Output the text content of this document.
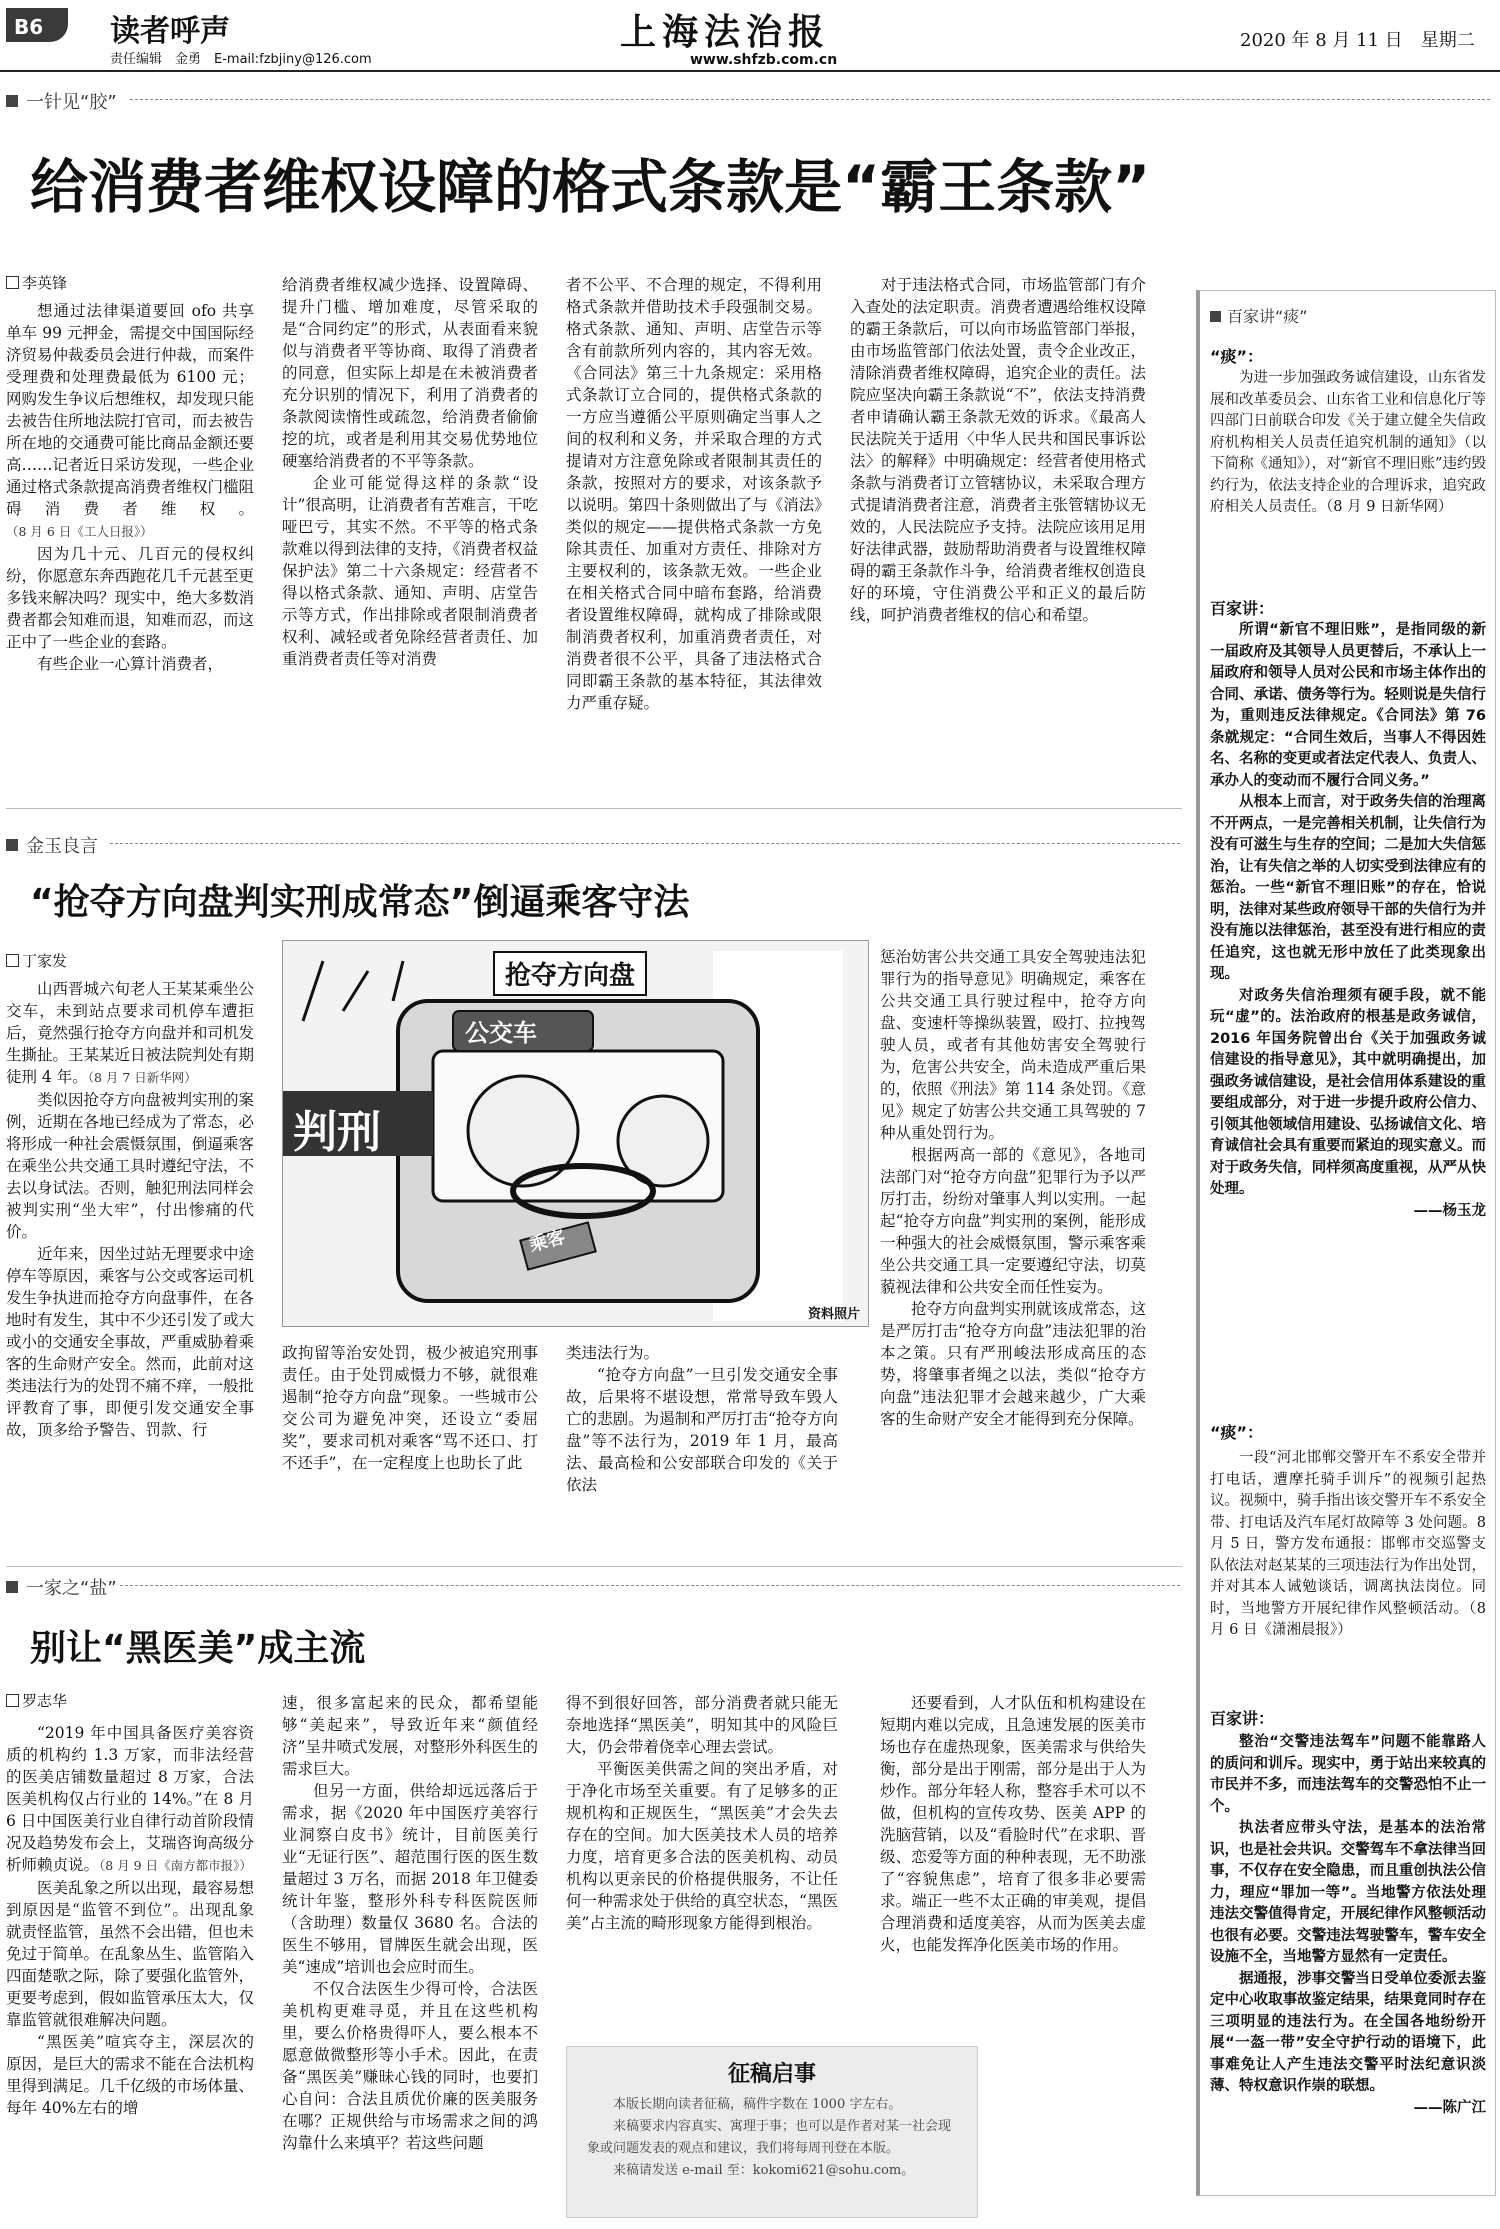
B6	读者呼声
责任编辑　金勇　E-mail:fzbjiny@126.com
上海法治报
www.shfzb.com.cn
2020 年 8 月 11 日　星期二
一针见“胶”
给消费者维权设障的格式条款是“霸王条款”
李英锋

想通过法律渠道要回 ofo 共享单车 99 元押金，需提交中国国际经济贸易仲裁委员会进行仲裁，而案件受理费和处理费最低为 6100 元；网购发生争议后想维权，却发现只能去被告住所地法院打官司，而去被告所在地的交通费可能比商品金额还要高……记者近日采访发现，一些企业通过格式条款提高消费者维权门槛阻碍消费者维权。（8 月 6 日《工人日报》）

因为几十元、几百元的侵权纠纷，你愿意东奔西跑花几千元甚至更多钱来解决吗？现实中，绝大多数消费者都会知难而退，知难而忍，而这正中了一些企业的套路。

有些企业一心算计消费者，

给消费者维权减少选择、设置障碍、提升门槛、增加难度，尽管采取的是“合同约定”的形式，从表面看来貌似与消费者平等协商、取得了消费者的同意，但实际上却是在未被消费者充分识别的情况下，利用了消费者的条款阅读惰性或疏忽，给消费者偷偷挖的坑，或者是利用其交易优势地位硬塞给消费者的不平等条款。

企业可能觉得这样的条款“设计”很高明，让消费者有苦难言，干吃哑巴亏，其实不然。不平等的格式条款难以得到法律的支持，《消费者权益保护法》第二十六条规定：经营者不得以格式条款、通知、声明、店堂告示等方式，作出排除或者限制消费者权利、减轻或者免除经营者责任、加重消费者责任等对消费

者不公平、不合理的规定，不得利用格式条款并借助技术手段强制交易。格式条款、通知、声明、店堂告示等含有前款所列内容的，其内容无效。《合同法》第三十九条规定：采用格式条款订立合同的，提供格式条款的一方应当遵循公平原则确定当事人之间的权利和义务，并采取合理的方式提请对方注意免除或者限制其责任的条款，按照对方的要求，对该条款予以说明。第四十条则做出了与《消法》类似的规定——提供格式条款一方免除其责任、加重对方责任、排除对方主要权利的，该条款无效。一些企业在相关格式合同中暗布套路，给消费者设置维权障碍，就构成了排除或限制消费者权利，加重消费者责任，对消费者很不公平，具备了违法格式合同即霸王条款的基本特征，其法律效力严重存疑。

对于违法格式合同，市场监管部门有介入查处的法定职责。消费者遭遇给维权设障的霸王条款后，可以向市场监管部门举报，由市场监管部门依法处置，责令企业改正，清除消费者维权障碍，追究企业的责任。法院应坚决向霸王条款说“不”，依法支持消费者申请确认霸王条款无效的诉求。《最高人民法院关于适用〈中华人民共和国民事诉讼法〉的解释》中明确规定：经营者使用格式条款与消费者订立管辖协议，未采取合理方式提请消费者注意，消费者主张管辖协议无效的，人民法院应予支持。法院应该用足用好法律武器，鼓励帮助消费者与设置维权障碍的霸王条款作斗争，给消费者维权创造良好的环境，守住消费公平和正义的最后防线，呵护消费者维权的信心和希望。

金玉良言
“抢夺方向盘判实刑成常态”倒逼乘客守法
丁家发

山西晋城六旬老人王某某乘坐公交车，未到站点要求司机停车遭拒后，竟然强行抢夺方向盘并和司机发生撕扯。王某某近日被法院判处有期徒刑 4 年。（8 月 7 日新华网）

类似因抢夺方向盘被判实刑的案例，近期在各地已经成为了常态，必将形成一种社会震慑氛围，倒逼乘客在乘坐公共交通工具时遵纪守法，不去以身试法。否则，触犯刑法同样会被判实刑“坐大牢”，付出惨痛的代价。

近年来，因坐过站无理要求中途停车等原因，乘客与公交或客运司机发生争执进而抢夺方向盘事件，在各地时有发生，其中不少还引发了或大或小的交通安全事故，严重威胁着乘客的生命财产安全。然而，此前对这类违法行为的处罚不痛不痒，一般批评教育了事，即便引发交通安全事故，顶多给予警告、罚款、行

抢夺方向盘
公交车
判刑
乘客
资料照片

政拘留等治安处罚，极少被追究刑事责任。由于处罚威慑力不够，就很难遏制“抢夺方向盘”现象。一些城市公交公司为避免冲突，还设立“委屈奖”，要求司机对乘客“骂不还口、打不还手”，在一定程度上也助长了此

类违法行为。

“抢夺方向盘”一旦引发交通安全事故，后果将不堪设想，常常导致车毁人亡的悲剧。为遏制和严厉打击“抢夺方向盘”等不法行为，2019 年 1 月，最高法、最高检和公安部联合印发的《关于依法

惩治妨害公共交通工具安全驾驶违法犯罪行为的指导意见》明确规定，乘客在公共交通工具行驶过程中，抢夺方向盘、变速杆等操纵装置，殴打、拉拽驾驶人员，或者有其他妨害安全驾驶行为，危害公共安全，尚未造成严重后果的，依照《刑法》第 114 条处罚。《意见》规定了妨害公共交通工具驾驶的 7 种从重处罚行为。

根据两高一部的《意见》，各地司法部门对“抢夺方向盘”犯罪行为予以严厉打击，纷纷对肇事人判以实刑。一起起“抢夺方向盘”判实刑的案例，能形成一种强大的社会威慑氛围，警示乘客乘坐公共交通工具一定要遵纪守法，切莫藐视法律和公共安全而任性妄为。

抢夺方向盘判实刑就该成常态，这是严厉打击“抢夺方向盘”违法犯罪的治本之策。只有严刑峻法形成高压的态势，将肇事者绳之以法，类似“抢夺方向盘”违法犯罪才会越来越少，广大乘客的生命财产安全才能得到充分保障。

一家之“盐”
别让“黑医美”成主流
罗志华

“2019 年中国具备医疗美容资质的机构约 1.3 万家，而非法经营的医美店铺数量超过 8 万家，合法医美机构仅占行业的 14%。”在 8 月 6 日中国医美行业自律行动首阶段情况及趋势发布会上，艾瑞咨询高级分析师赖贞说。（8 月 9 日《南方都市报》）

医美乱象之所以出现，最容易想到原因是“监管不到位”。出现乱象就责怪监管，虽然不会出错，但也未免过于简单。在乱象丛生、监管陷入四面楚歌之际，除了要强化监管外，更要考虑到，假如监管承压太大，仅靠监管就很难解决问题。

“黑医美”喧宾夺主，深层次的原因，是巨大的需求不能在合法机构里得到满足。几千亿级的市场体量、每年 40%左右的增

速，很多富起来的民众，都希望能够“美起来”，导致近年来“颜值经济”呈井喷式发展，对整形外科医生的需求巨大。

但另一方面，供给却远远落后于需求，据《2020 年中国医疗美容行业洞察白皮书》统计，目前医美行业“无证行医”、超范围行医的医生数量超过 3 万名，而据 2018 年卫健委统计年鉴，整形外科专科医院医师（含助理）数量仅 3680 名。合法的医生不够用，冒牌医生就会出现，医美“速成”培训也会应时而生。

不仅合法医生少得可怜，合法医美机构更难寻觅，并且在这些机构里，要么价格贵得吓人，要么根本不愿意做微整形等小手术。因此，在责备“黑医美”赚昧心钱的同时，也要扪心自问：合法且质优价廉的医美服务在哪？正规供给与市场需求之间的鸿沟靠什么来填平？若这些问题

得不到很好回答，部分消费者就只能无奈地选择“黑医美”，明知其中的风险巨大，仍会带着侥幸心理去尝试。

平衡医美供需之间的突出矛盾，对于净化市场至关重要。有了足够多的正规机构和正规医生，“黑医美”才会失去存在的空间。加大医美技术人员的培养力度，培育更多合法的医美机构、动员机构以更亲民的价格提供服务，不让任何一种需求处于供给的真空状态，“黑医美”占主流的畸形现象方能得到根治。

还要看到，人才队伍和机构建设在短期内难以完成，且急速发展的医美市场也存在虚热现象，医美需求与供给失衡，部分是出于刚需，部分是出于人为炒作。部分年轻人称，整容手术可以不做，但机构的宣传攻势、医美 APP 的洗脑营销，以及“看脸时代”在求职、晋级、恋爱等方面的种种表现，无不助涨了“容貌焦虑”，培育了很多非必要需求。端正一些不太正确的审美观，提倡合理消费和适度美容，从而为医美去虚火，也能发挥净化医美市场的作用。

征稿启事

本版长期向读者征稿，稿件字数在 1000 字左右。

来稿要求内容真实、寓理于事；也可以是作者对某一社会现象或问题发表的观点和建议，我们将每周刊登在本版。

来稿请发送 e-mail 至：kokomi621@sohu.com。

百家讲“痰”
“痰”：

为进一步加强政务诚信建设，山东省发展和改革委员会、山东省工业和信息化厅等四部门日前联合印发《关于建立健全失信政府机构相关人员责任追究机制的通知》（以下简称《通知》），对“新官不理旧账”违约毁约行为，依法支持企业的合理诉求，追究政府相关人员责任。（8 月 9 日新华网）

百家讲：

所谓“新官不理旧账”，是指同级的新一届政府及其领导人员更替后，不承认上一届政府和领导人员对公民和市场主体作出的合同、承诺、债务等行为。轻则说是失信行为，重则违反法律规定。《合同法》第 76 条就规定：“合同生效后，当事人不得因姓名、名称的变更或者法定代表人、负责人、承办人的变动而不履行合同义务。”

从根本上而言，对于政务失信的治理离不开两点，一是完善相关机制，让失信行为没有可滋生与生存的空间；二是加大失信惩治，让有失信之举的人切实受到法律应有的惩治。一些“新官不理旧账”的存在，恰说明，法律对某些政府领导干部的失信行为并没有施以法律惩治，甚至没有进行相应的责任追究，这也就无形中放任了此类现象出现。

对政务失信治理须有硬手段，就不能玩“虚”的。法治政府的根基是政务诚信，2016 年国务院曾出台《关于加强政务诚信建设的指导意见》，其中就明确提出，加强政务诚信建设，是社会信用体系建设的重要组成部分，对于进一步提升政府公信力、引领其他领域信用建设、弘扬诚信文化、培育诚信社会具有重要而紧迫的现实意义。而对于政务失信，同样须高度重视，从严从快处理。

——杨玉龙
“痰”：

一段“河北邯郸交警开车不系安全带并打电话，遭摩托骑手训斥”的视频引起热议。视频中，骑手指出该交警开车不系安全带、打电话及汽车尾灯故障等 3 处问题。8 月 5 日，警方发布通报：邯郸市交巡警支队依法对赵某某的三项违法行为作出处罚，并对其本人诫勉谈话，调离执法岗位。同时，当地警方开展纪律作风整顿活动。（8 月 6 日《潇湘晨报》）

百家讲：

整治“交警违法驾车”问题不能靠路人的质问和训斥。现实中，勇于站出来较真的市民并不多，而违法驾车的交警恐怕不止一个。

执法者应带头守法，是基本的法治常识，也是社会共识。交警驾车不拿法律当回事，不仅存在安全隐患，而且重创执法公信力，理应“罪加一等”。当地警方依法处理违法交警值得肯定，开展纪律作风整顿活动也很有必要。交警违法驾驶警车，警车安全设施不全，当地警方显然有一定责任。

据通报，涉事交警当日受单位委派去鉴定中心收取事故鉴定结果，结果竟同时存在三项明显的违法行为。在全国各地纷纷开展“一盔一带”安全守护行动的语境下，此事难免让人产生违法交警平时法纪意识淡薄、特权意识作崇的联想。

——陈广江
